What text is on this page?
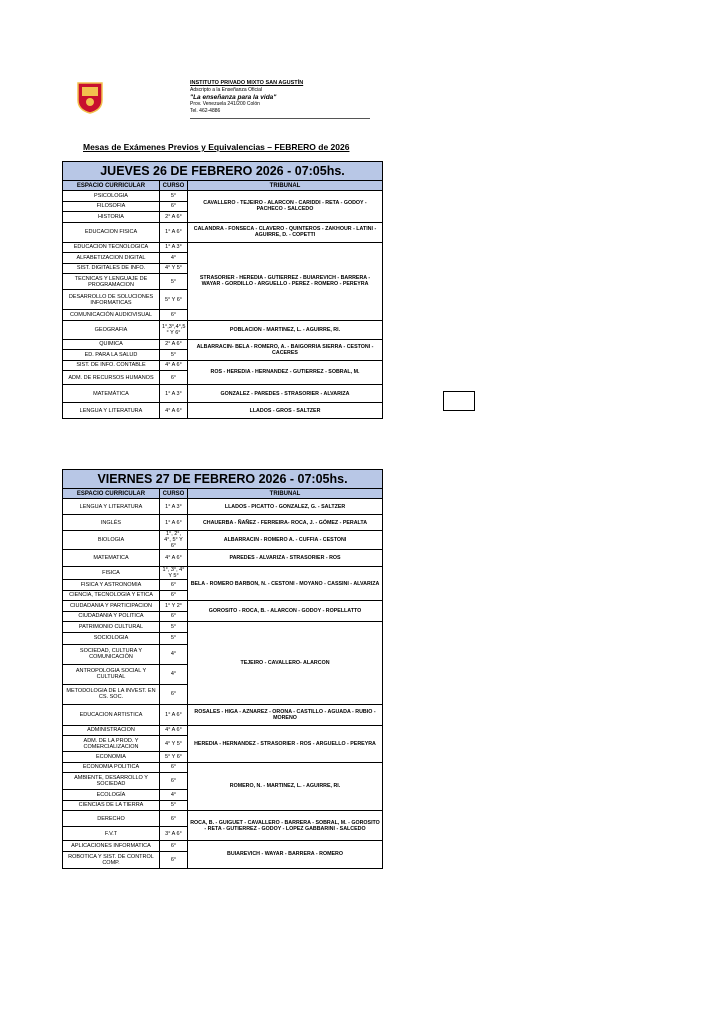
INSTITUTO PRIVADO MIXTO SAN AGUSTÍN
Adscripto a la Enseñanza Oficial
"La enseñanza para la vida"
Prov. Venezuela 241/200 Colón
Tel. 462-4886
Mesas de Exámenes Previos y Equivalencias – FEBRERO de 2026
JUEVES 26 DE FEBRERO 2026 - 07:05hs.		
ESPACIO CURRICULAR	CURSO	TRIBUNAL
PSICOLOGIA	5°	CAVALLERO - TEJEIRO - ALARCON - CARIDDI - RETA - GODOY - PACHECO - SALCEDO
FILOSOFIA	6°	
HISTORIA	2° A 6°	
EDUCACION FISICA	1° A 6°	CALANDRA - FONSECA - CLAVERO - QUINTEROS - ZAKHOUR - LATINI - AGUIRRE, D. - COPETTI
EDUCACION TECNOLOGICA	1° A 3°	STRASORIER - HEREDIA - GUTIERREZ - BUIAREVICH - BARRERA - WAYAR - GORDILLO - ARGUELLO - PEREZ - ROMERO - PEREYRA
ALFABETIZACION DIGITAL	4°	
SIST. DIGITALES DE INFO.	4° Y 5°	
TECNICAS Y LENGUAJE DE PROGRAMACION	5°	
DESARROLLO DE SOLUCIONES INFORMATICAS	5° Y 6°	
COMUNICACIÓN AUDIOVISUAL	6°	
GEOGRAFIA	1°,3°,4°,5 ° Y 6°	POBLACION - MARTINEZ, L. - AGUIRRE, RI.
QUIMICA	2° A 6°	ALBARRACIN- BELA - ROMERO, A. - BAIGORRIA SIERRA - CESTONI - CACERES
ED. PARA LA SALUD	5°	
SIST. DE INFO. CONTABLE	4° A 6°	ROS - HEREDIA - HERNANDEZ - GUTIERREZ - SOBRAL, M.
ADM. DE RECURSOS HUMANOS	6°	
MATEMÁTICA	1° A 3°	GONZALEZ - PAREDES - STRASORIER - ALVARIZA
LENGUA Y LITERATURA	4° A 6°	LLADOS - GROS - SALTZER
VIERNES 27 DE FEBRERO 2026 - 07:05hs.		
ESPACIO CURRICULAR	CURSO	TRIBUNAL
LENGUA Y LITERATURA	1° A 3°	LLADOS - PICATTO - GONZALEZ, G. - SALTZER
INGLÉS	1° A 6°	CHAUERBA - ÑAÑEZ - FERREIRA- ROCA, J. - GÓMEZ - PERALTA
BIOLOGIA	1°, 2°, 4°, 5° Y 6°	ALBARRACIN - ROMERO A. - CUFFIA - CESTONI
MATEMATICA	4° A 6°	PAREDES - ALVARIZA - STRASORIER - ROS
FISICA	1°, 3°, 4° Y 5°	BELA - ROMERO BARBON, N. - CESTONI - MOYANO - CASSINI - ALVARIZA
FISICA Y ASTRONOMIA	6°	
CIENCIA, TECNOLOGIA Y ETICA	6°	
CIUDADANIA Y PARTICIPACION	1° Y 2°	GOROSITO - ROCA, B. - ALARCON - GODOY - ROPELLATTO
CIUDADANIA Y POLITICA	6°	
PATRIMONIO CULTURAL	5°	TEJEIRO - CAVALLERO- ALARCON
SOCIOLOGIA	5°	
SOCIEDAD, CULTURA Y COMUNICACIÓN	4°	
ANTROPOLOGIA SOCIAL Y CULTURAL	4°	
METODOLOGIA DE LA INVEST. EN CS. SOC.	6°	
EDUCACION ARTISTICA	1° A 6°	ROSALES - HIGA - AZNAREZ - ORONA - CASTILLO - AGUADA - RUBIO - MORENO
ADMINISTRACION	4° A 6°	HEREDIA - HERNANDEZ - STRASORIER - ROS - ARGUELLO - PEREYRA
ADM. DE LA PROD. Y COMERCIALIZACION	4° Y 5°	
ECONOMIA	5° Y 6°	
ECONOMIA POLITICA	6°	ROMERO, N. - MARTINEZ, L. - AGUIRRE, RI.
AMBIENTE, DESARROLLO Y SOCIEDAD	6°	
ECOLOGÍA	4°	
CIENCIAS DE LA TIERRA	5°	
DERECHO	6°	ROCA, B. - GUIGUET - CAVALLERO - BARRERA - SOBRAL, M. - GOROSITO - RETA - GUTIERREZ - GODOY - LOPEZ GABBARINI - SALCEDO
F.V.T	3° A 6°	
APLICACIONES INFORMATICA	6°	BUIAREVICH - WAYAR - BARRERA - ROMERO
ROBOTICA Y SIST. DE CONTROL COMP.	6°	
